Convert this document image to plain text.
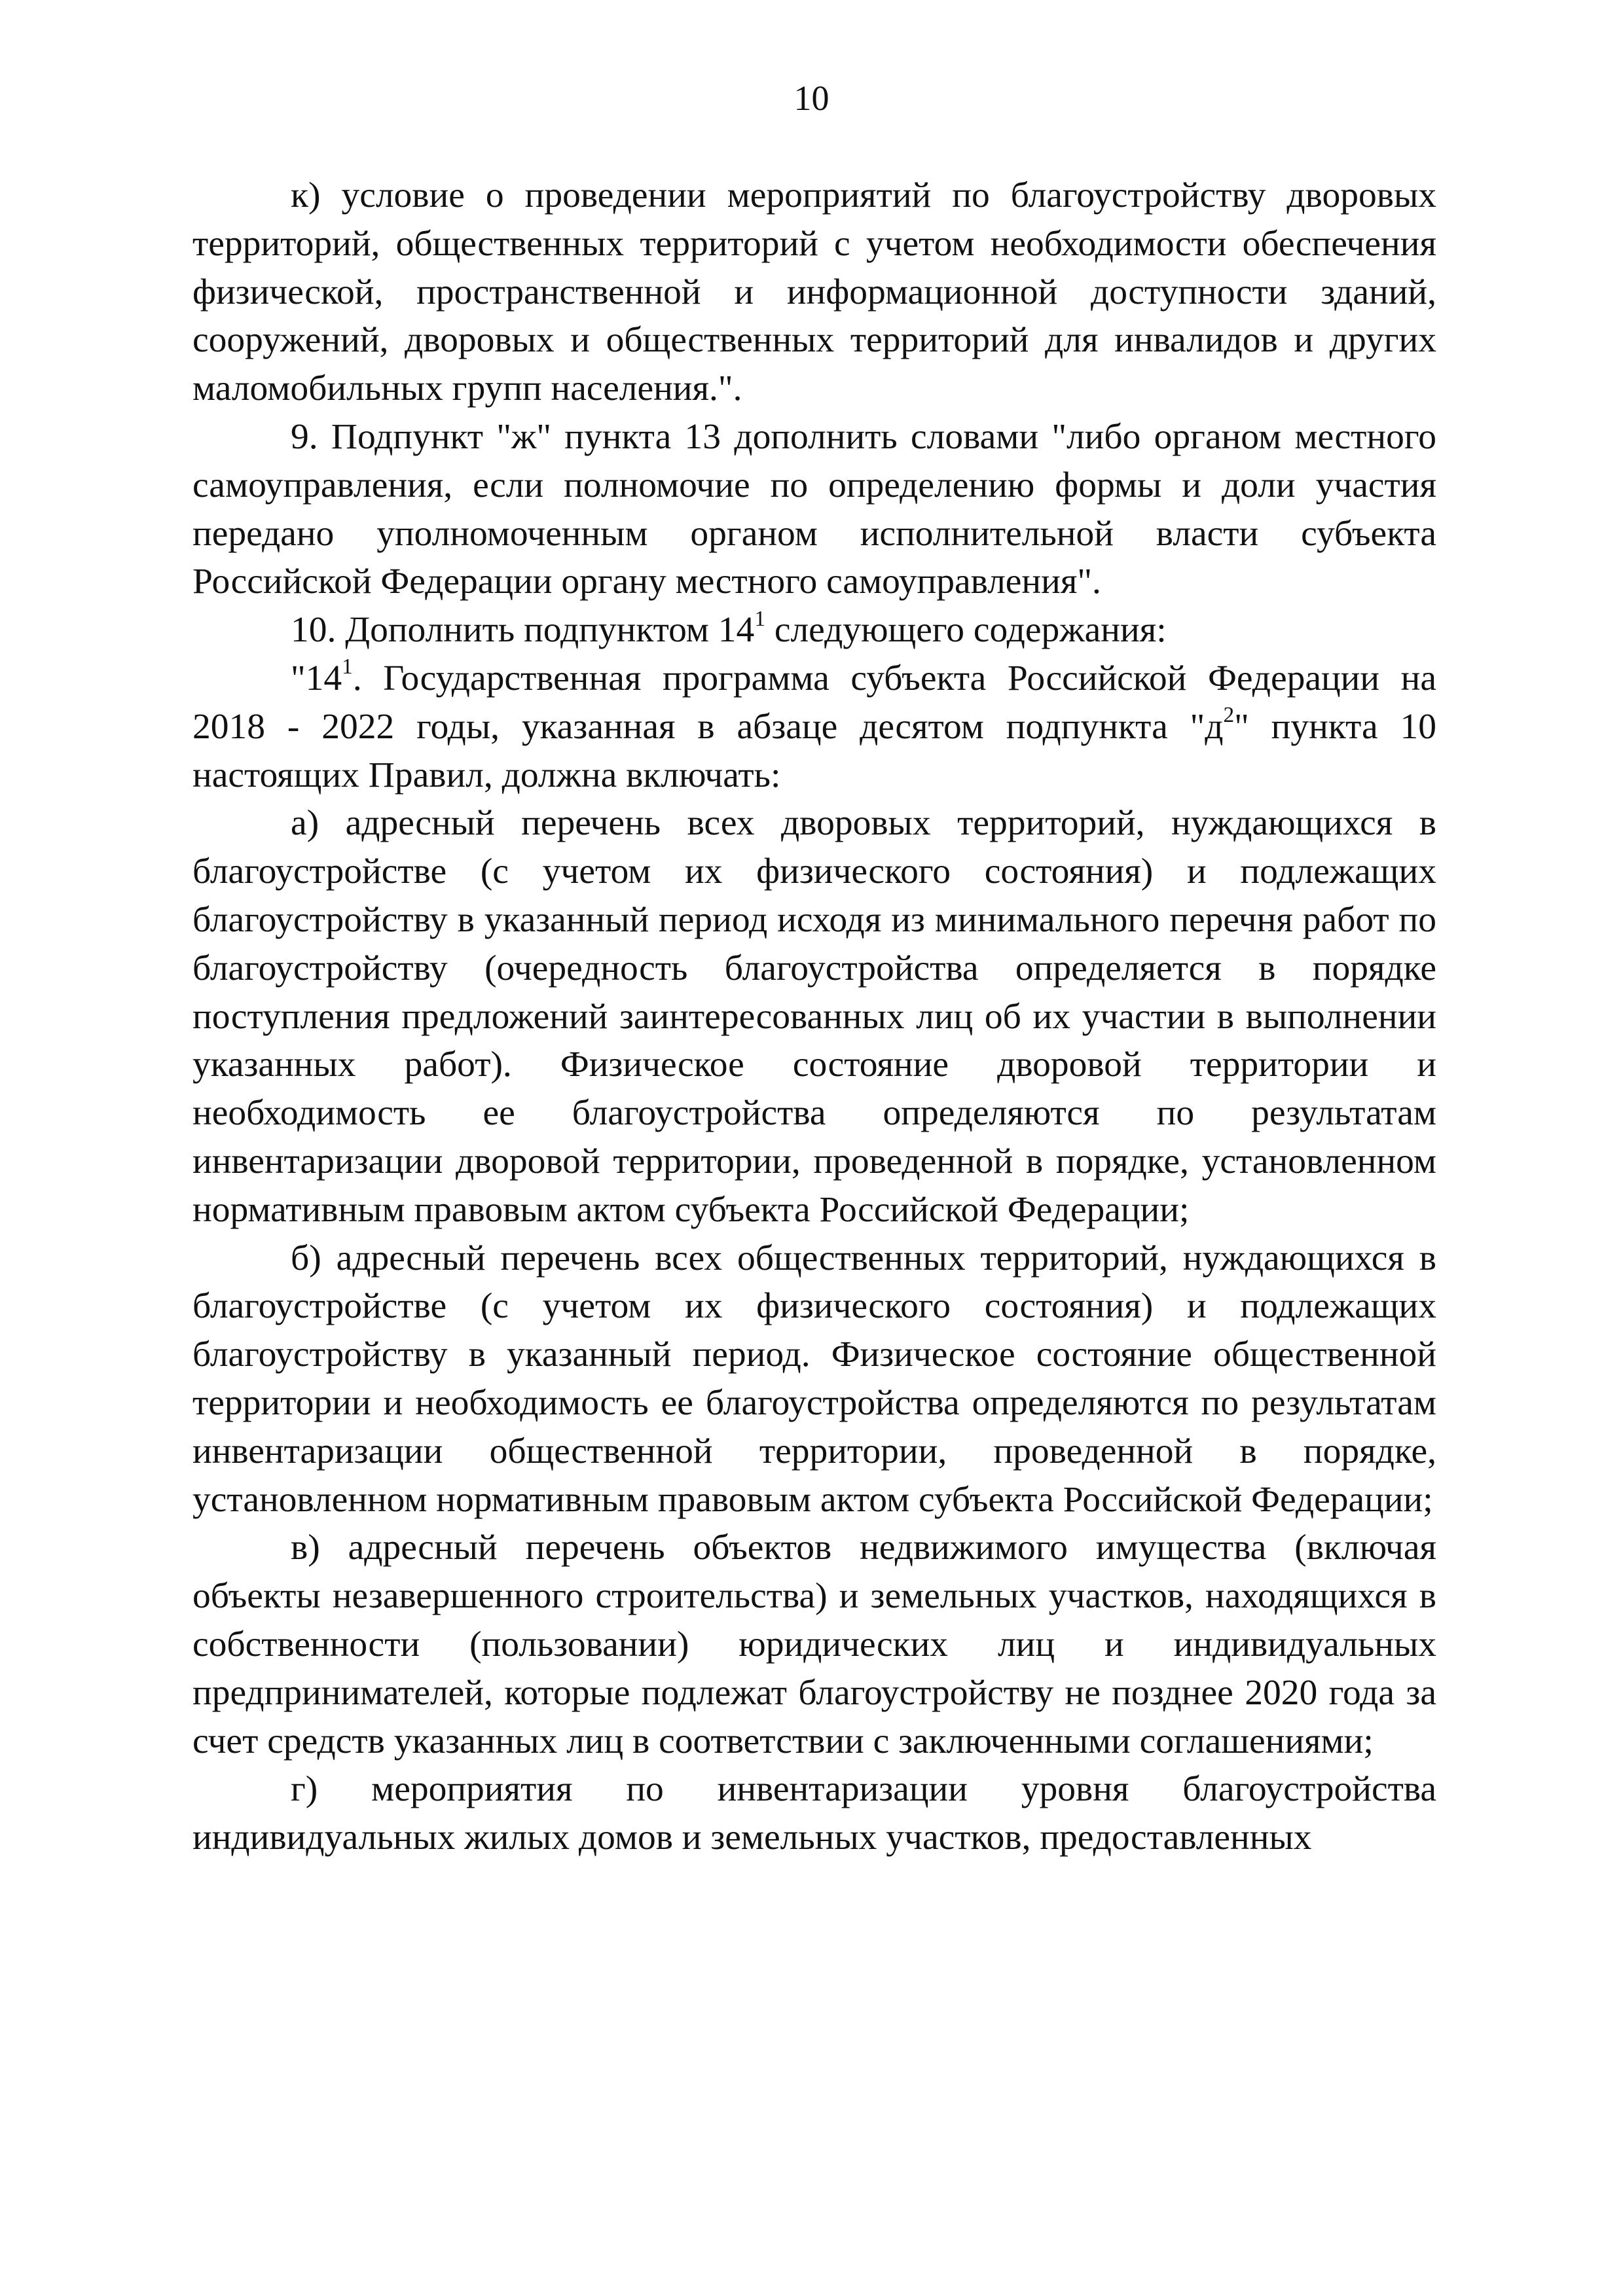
10

к) условие о проведении мероприятий по благоустройству дворовых территорий, общественных территорий с учетом необходимости обеспечения физической, пространственной и информационной доступности зданий, сооружений, дворовых и общественных территорий для инвалидов и других маломобильных групп населения.".

9. Подпункт "ж" пункта 13 дополнить словами "либо органом местного самоуправления, если полномочие по определению формы и доли участия передано уполномоченным органом исполнительной власти субъекта Российской Федерации органу местного самоуправления".

10. Дополнить подпунктом $14^1$ следующего содержания:

"$14^1$. Государственная программа субъекта Российской Федерации на 2018 - 2022 годы, указанная в абзаце десятом подпункта "$д^2$" пункта 10 настоящих Правил, должна включать:

а) адресный перечень всех дворовых территорий, нуждающихся в благоустройстве (с учетом их физического состояния) и подлежащих благоустройству в указанный период исходя из минимального перечня работ по благоустройству (очередность благоустройства определяется в порядке поступления предложений заинтересованных лиц об их участии в выполнении указанных работ). Физическое состояние дворовой территории и необходимость ее благоустройства определяются по результатам инвентаризации дворовой территории, проведенной в порядке, установленном нормативным правовым актом субъекта Российской Федерации;

б) адресный перечень всех общественных территорий, нуждающихся в благоустройстве (с учетом их физического состояния) и подлежащих благоустройству в указанный период. Физическое состояние общественной территории и необходимость ее благоустройства определяются по результатам инвентаризации общественной территории, проведенной в порядке, установленном нормативным правовым актом субъекта Российской Федерации;

в) адресный перечень объектов недвижимого имущества (включая объекты незавершенного строительства) и земельных участков, находящихся в собственности (пользовании) юридических лиц и индивидуальных предпринимателей, которые подлежат благоустройству не позднее 2020 года за счет средств указанных лиц в соответствии с заключенными соглашениями;

г) мероприятия по инвентаризации уровня благоустройства индивидуальных жилых домов и земельных участков, предоставленных
